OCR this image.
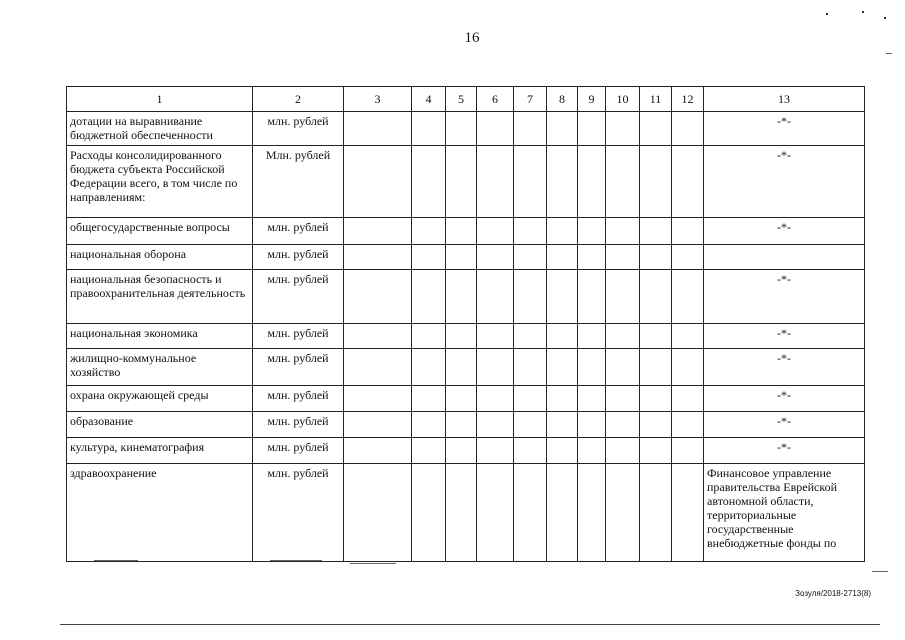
16
1	2	3	4	5	6	7	8	9	10	11	12	13
дотации на выравнивание бюджетной обеспеченности	млн. рублей											-*-
Расходы консолидированного бюджета субъекта Российской Федерации всего, в том числе по направлениям:	Млн. рублей											-*-
общегосударственные вопросы	млн. рублей											-*-
национальная оборона	млн. рублей											
национальная безопасность и правоохранительная деятельность	млн. рублей											-*-
национальная экономика	млн. рублей											-*-
жилищно-коммунальное хозяйство	млн. рублей											-*-
охрана окружающей среды	млн. рублей											-*-
образование	млн. рублей											-*-
культура, кинематография	млн. рублей											-*-
здравоохранение	млн. рублей											Финансовое управление правительства Еврейской автономной области, территориальные государственные внебюджетные фонды по
Зозуля/2018-2713(8)
